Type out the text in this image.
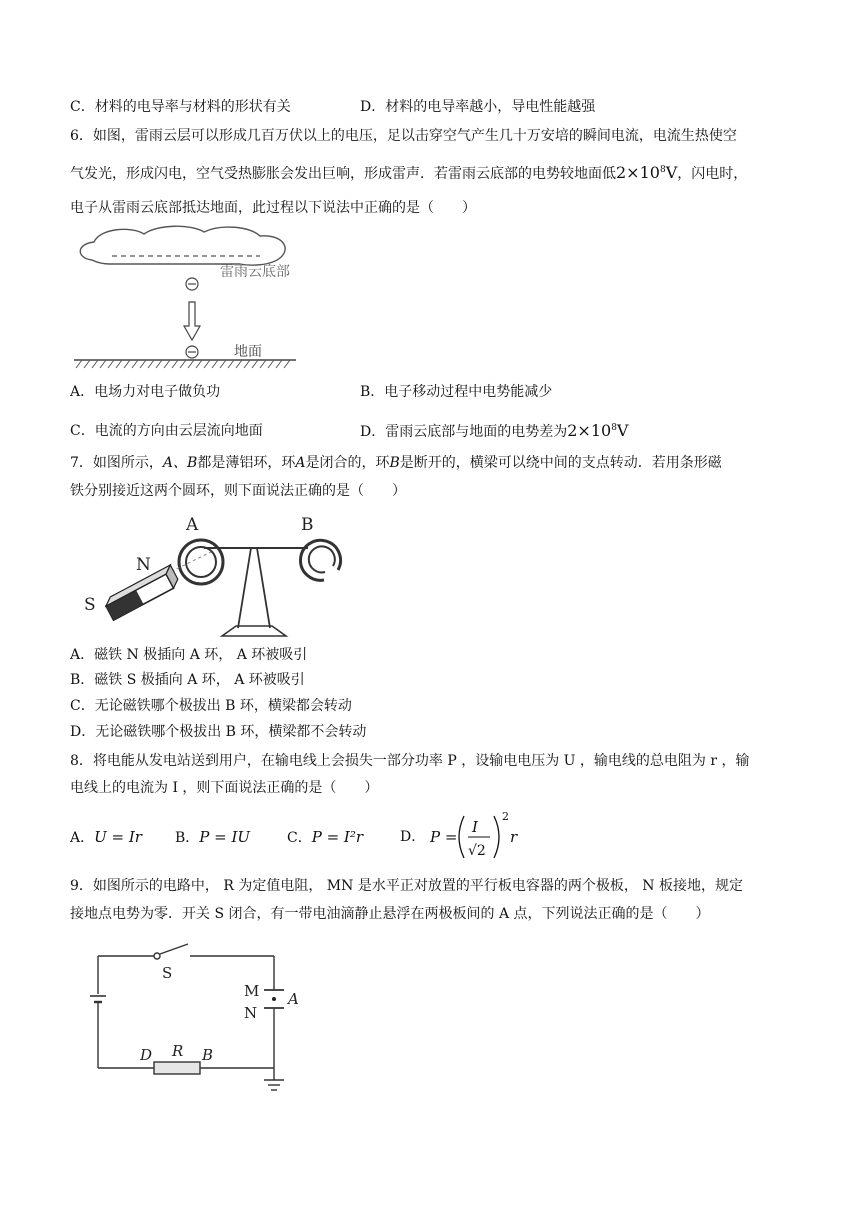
C．材料的电导率与材料的形状有关	D．材料的电导率越小，导电性能越强
6．如图，雷雨云层可以形成几百万伏以上的电压，足以击穿空气产生几十万安培的瞬间电流，电流生热使空
气发光，形成闪电，空气受热膨胀会发出巨响，形成雷声．若雷雨云底部的电势较地面低$2\times 10^8V$，闪电时，
电子从雷雨云底部抵达地面，此过程以下说法中正确的是（　　）
雷雨云底部
地面
A．电场力对电子做负功	B．电子移动过程中电势能减少
C．电流的方向由云层流向地面	D．雷雨云底部与地面的电势差为$2\times 10^8V$
7．如图所示，A、B都是薄铝环，环A是闭合的，环B是断开的，横梁可以绕中间的支点转动．若用条形磁
铁分别接近这两个圆环，则下面说法正确的是（　　）
A	B
N
S
A．磁铁 N 极插向 A 环， A 环被吸引
B．磁铁 S 极插向 A 环， A 环被吸引
C．无论磁铁哪个极拔出 B 环，横梁都会转动
D．无论磁铁哪个极拔出 B 环，横梁都不会转动
8．将电能从发电站送到用户，在输电线上会损失一部分功率 P ，设输电电压为 U ，输电线的总电阻为 r ，输
电线上的电流为 I ，则下面说法正确的是（　　）
A．U = Ir B．P = IU	C．P = I²r	D． P =
I
√2
2
r
9．如图所示的电路中， R 为定值电阻， MN 是水平正对放置的平行板电容器的两个极板， N 板接地，规定
接地点电势为零．开关 S 闭合，有一带电油滴静止悬浮在两极板间的 A 点，下列说法正确的是（　　）
S
M
N
A
D R B
